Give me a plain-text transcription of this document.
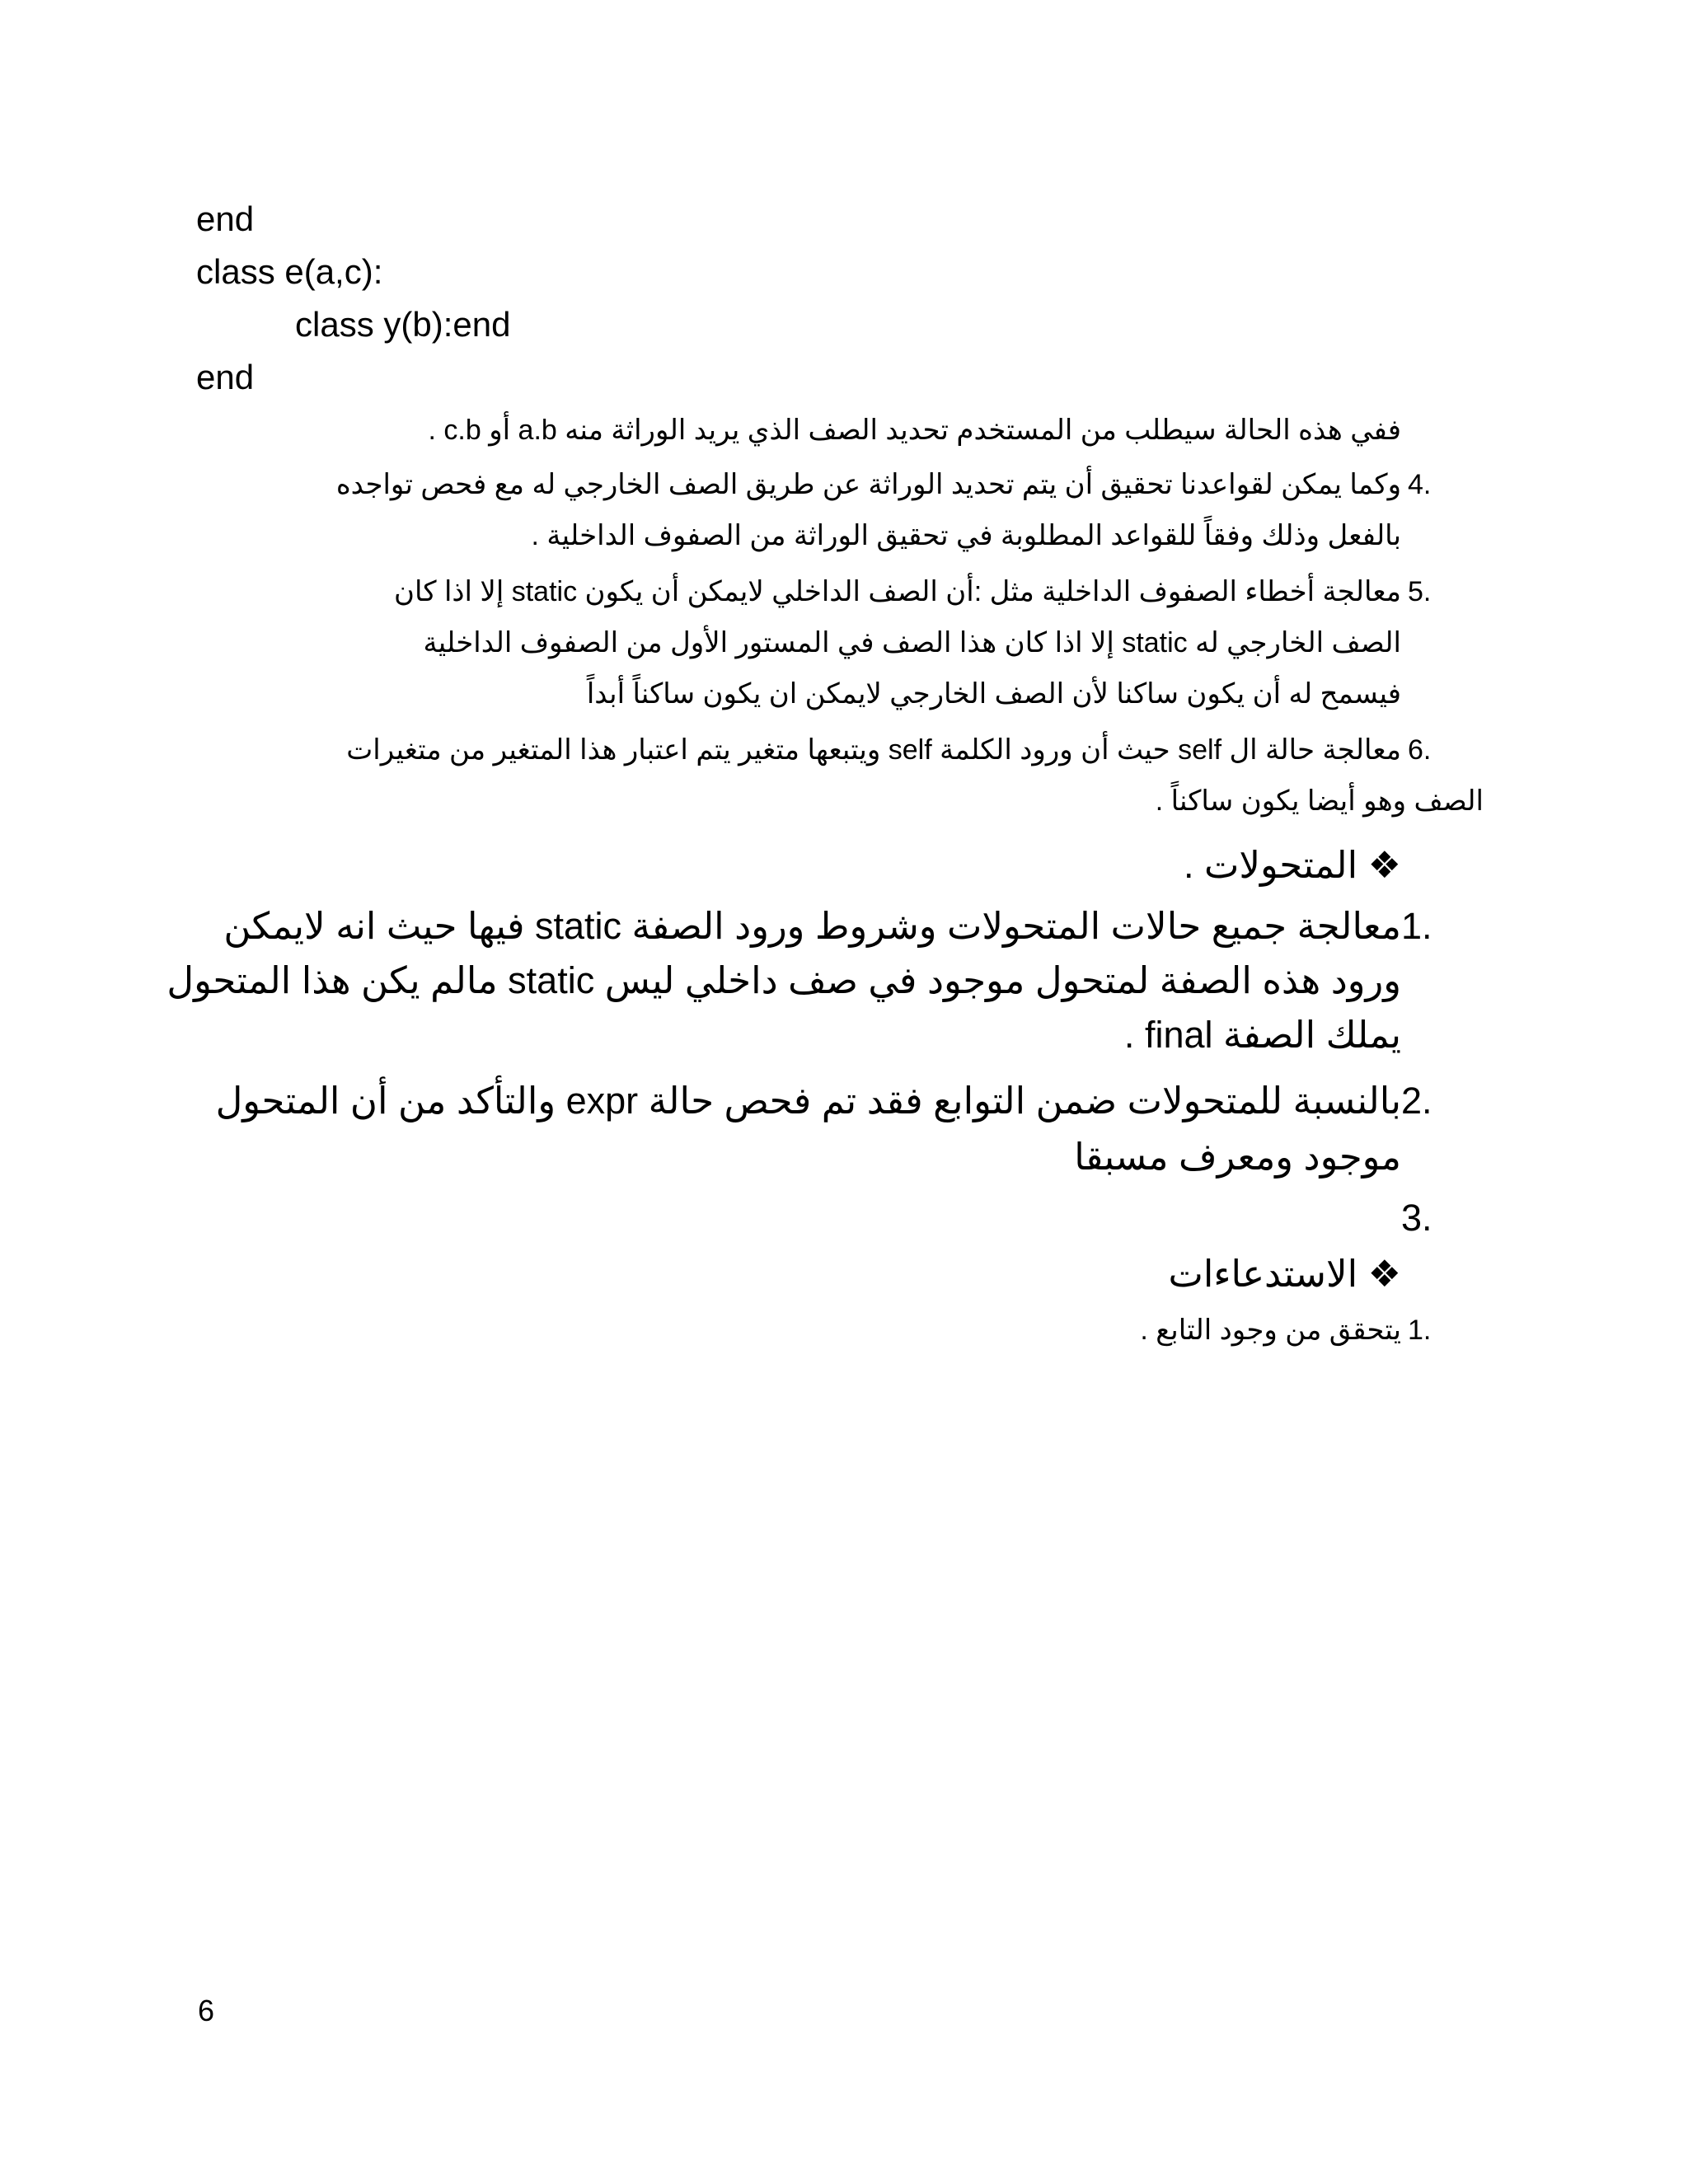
end
class e(a,c):
class y(b):end
end
ففي هذه الحالة سيطلب من المستخدم تحديد الصف الذي يريد الوراثة منه a.b أو c.b .
4.
وكما يمكن لقواعدنا تحقيق أن يتم تحديد الوراثة عن طريق الصف الخارجي له مع فحص تواجده
بالفعل وذلك وفقاً للقواعد المطلوبة في تحقيق الوراثة من الصفوف الداخلية .
5.
معالجة أخطاء الصفوف الداخلية مثل :أن الصف الداخلي لايمكن أن يكون static إلا اذا كان
الصف الخارجي له static إلا اذا كان هذا الصف في المستور الأول من الصفوف الداخلية
فيسمح له أن يكون ساكنا لأن الصف الخارجي لايمكن ان يكون ساكناً أبداً
6.
معالجة حالة ال self حيث أن ورود الكلمة self ويتبعها متغير يتم اعتبار هذا المتغير من متغيرات
الصف وهو أيضا يكون ساكناً .
❖ المتحولات .
1.
معالجة جميع حالات المتحولات وشروط ورود الصفة static فيها حيث انه لايمكن
ورود هذه الصفة لمتحول موجود في صف داخلي ليس static مالم يكن هذا المتحول
يملك الصفة final .
2.
بالنسبة للمتحولات ضمن التوابع فقد تم فحص حالة expr والتأكد من أن المتحول
موجود ومعرف مسبقا
3.
❖ الاستدعاءات
1.
يتحقق من وجود التابع .
6
